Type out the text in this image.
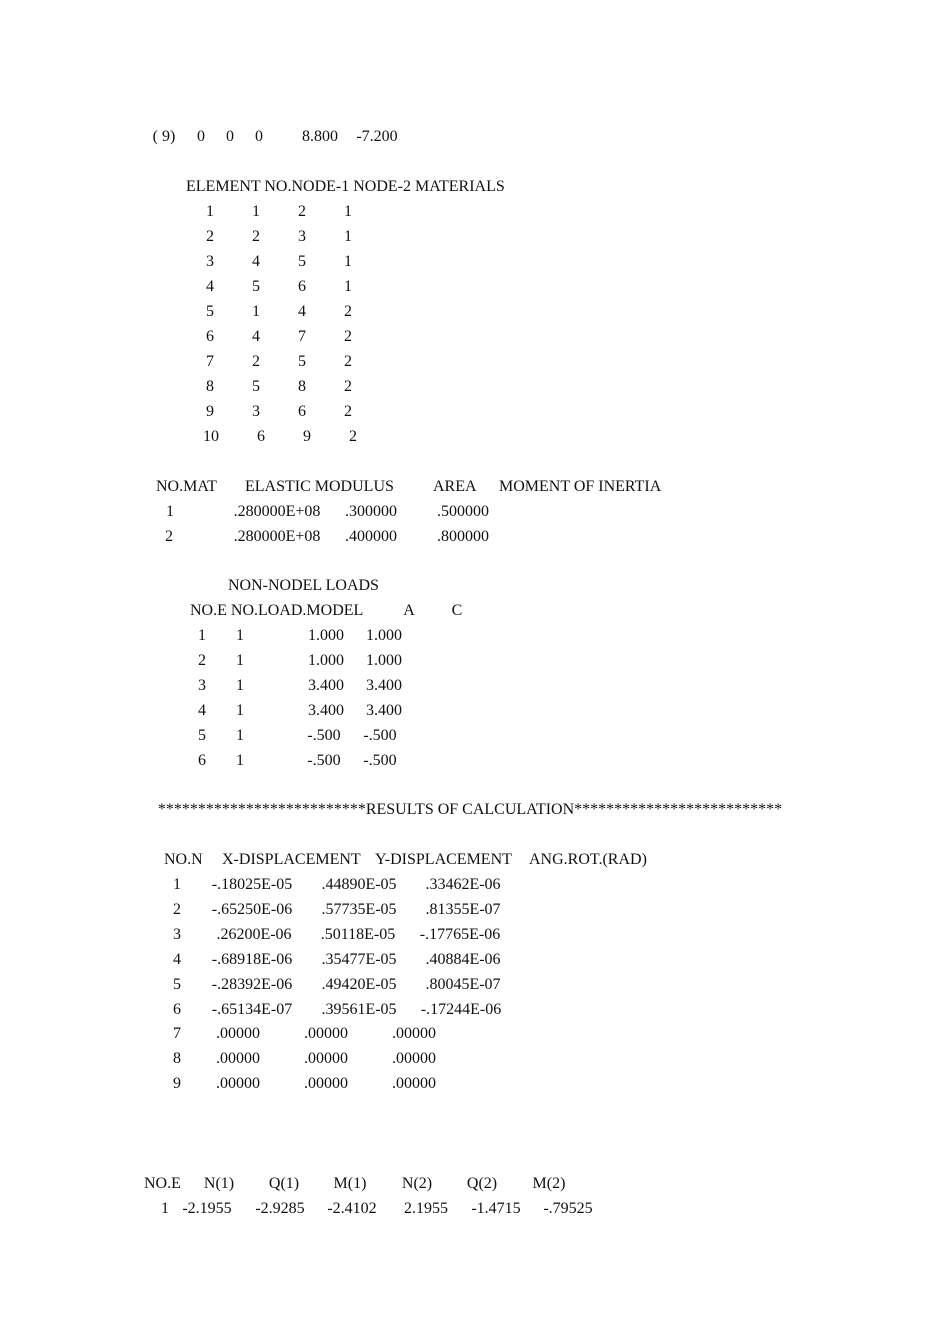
( 9) 0 0 0 8.800 -7.200
ELEMENT NO.NODE-1 NODE-2 MATERIALS
1 1 2 1
2 2 3 1
3 4 5 1
4 5 6 1
5 1 4 2
6 4 7 2
7 2 5 2
8 5 8 2
9 3 6 2
10 6 9 2
NO.MAT ELASTIC MODULUS AREA MOMENT OF INERTIA
1	.280000E+08 .300000	.500000
2	.280000E+08 .400000	.800000
NON-NODEL LOADS
NO.E NO.LOAD.MODEL A C
1 1	1.000 1.000
2 1	1.000 1.000
3 1	3.400 3.400
4 1	3.400 3.400
5 1	-.500 -.500
6 1	-.500 -.500
**************************RESULTS OF CALCULATION**************************
NO.N X-DISPLACEMENT Y-DISPLACEMENT ANG.ROT.(RAD)
1 -.18025E-05 .44890E-05 .33462E-06
2 -.65250E-06 .57735E-05 .81355E-07
3 .26200E-06 .50118E-05 -.17765E-06
4 -.68918E-06 .35477E-05 .40884E-06
5 -.28392E-06 .49420E-05 .80045E-07
6 -.65134E-07 .39561E-05 -.17244E-06
7 .00000	.00000	.00000
8 .00000	.00000	.00000
9 .00000	.00000	.00000
NO.E N(1) Q(1) M(1) N(2) Q(2) M(2)
1 -2.1955 -2.9285 -2.4102 2.1955 -1.4715 -.79525
